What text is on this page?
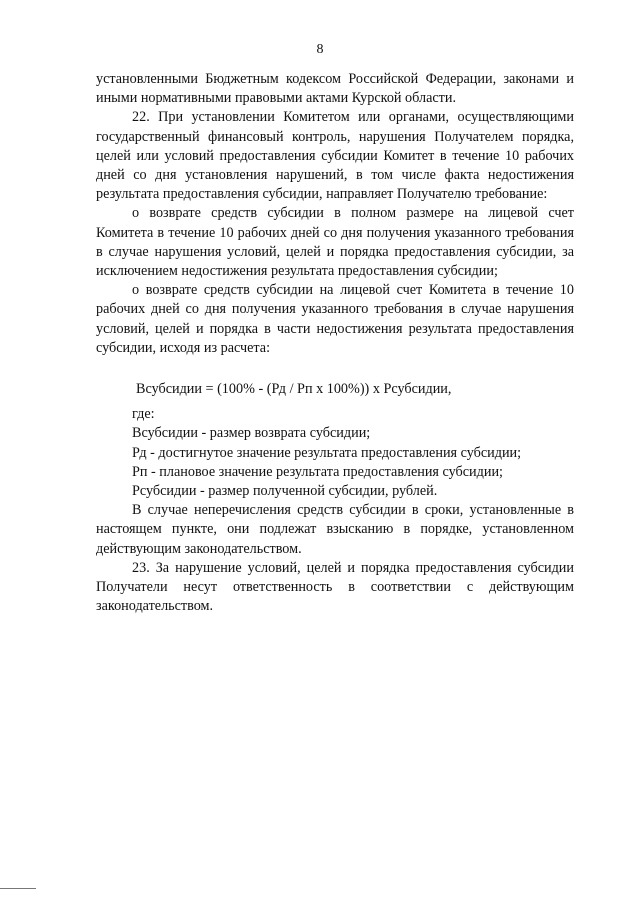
8

установленными Бюджетным кодексом Российской Федерации, законами и иными нормативными правовыми актами Курской области.

22. При установлении Комитетом или органами, осуществляющими государственный финансовый контроль, нарушения Получателем порядка, целей или условий предоставления субсидии Комитет в течение 10 рабочих дней со дня установления нарушений, в том числе факта недостижения результата предоставления субсидии, направляет Получателю требование:

о возврате средств субсидии в полном размере на лицевой счет Комитета в течение 10 рабочих дней со дня получения указанного требования в случае нарушения условий, целей и порядка предоставления субсидии, за исключением недостижения результата предоставления субсидии;

о возврате средств субсидии на лицевой счет Комитета в течение 10 рабочих дней со дня получения указанного требования в случае нарушения условий, целей и порядка в части недостижения результата предоставления субсидии, исходя из расчета:

Всубсидии = (100% - (Рд / Рп х 100%)) х Рсубсидии,

где:

Всубсидии - размер возврата субсидии;

Рд - достигнутое значение результата предоставления субсидии;

Рп - плановое значение результата предоставления субсидии;

Рсубсидии - размер полученной субсидии, рублей.

В случае неперечисления средств субсидии в сроки, установленные в настоящем пункте, они подлежат взысканию в порядке, установленном действующим законодательством.

23. За нарушение условий, целей и порядка предоставления субсидии Получатели несут ответственность в соответствии с действующим законодательством.
